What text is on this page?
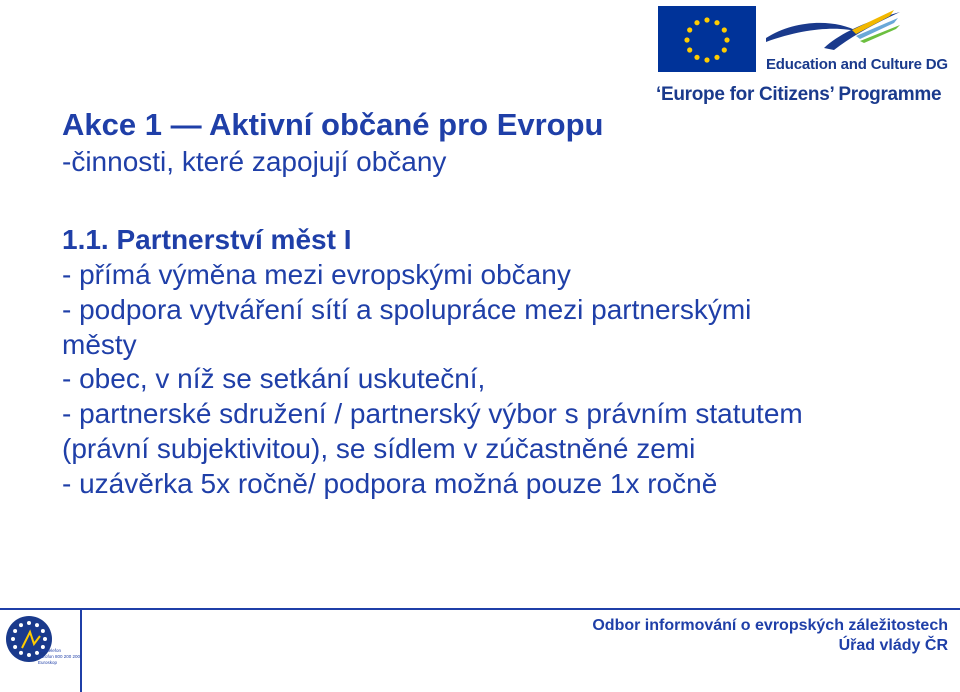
Education and Culture DG
‘Europe for Citizens’ Programme
Akce 1 — Aktivní občané pro Evropu
-činnosti, které zapojují občany
1.1. Partnerství měst I
- přímá výměna mezi evropskými občany
- podpora vytváření sítí a spolupráce mezi partnerskými
městy
- obec, v níž se setkání uskuteční,
- partnerské sdružení / partnerský výbor s právním statutem
(právní subjektivitou), se sídlem v zúčastněné zemi
- uzávěrka 5x ročně/ podpora možná pouze 1x ročně
Eurotelefon
Eurofon 800 200 200
Euroskop
Odbor informování o evropských záležitostech
Úřad vlády ČR
